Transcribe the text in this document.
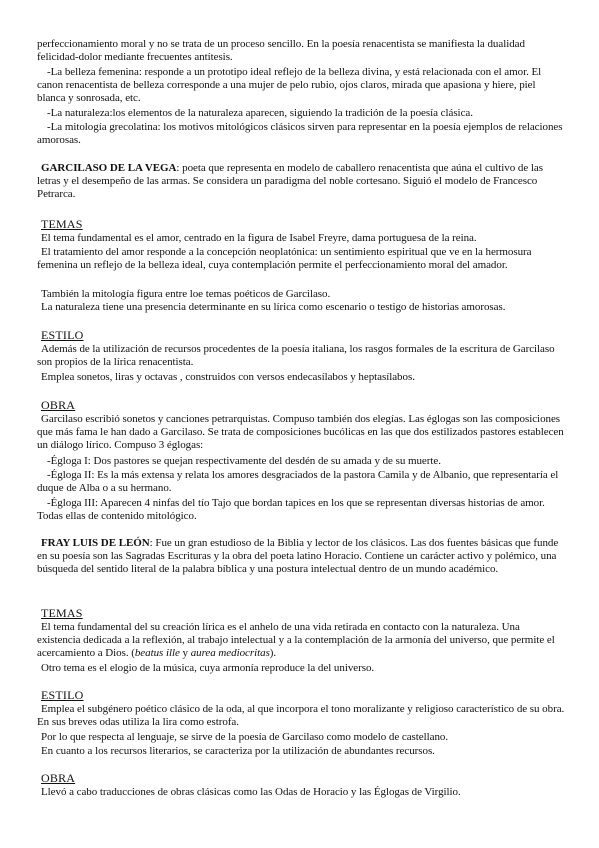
perfeccionamiento moral y no se trata de un proceso sencillo. En la poesía renacentista se manifiesta la dualidad felicidad-dolor mediante frecuentes antítesis.

-La belleza femenina: responde a un prototipo ideal reflejo de la belleza divina, y está relacionada con el amor. El canon renacentista de belleza corresponde a una mujer de pelo rubio, ojos claros, mirada que apasiona y hiere, piel blanca y sonrosada, etc.

-La naturaleza:los elementos de la naturaleza aparecen, siguiendo la tradición de la poesía clásica.

-La mitología grecolatina: los motivos mitológicos clásicos sirven para representar en la poesía ejemplos de relaciones amorosas.

GARCILASO DE LA VEGA: poeta que representa en modelo de caballero renacentista que aúna el cultivo de las letras y el desempeño de las armas. Se considera un paradigma del noble cortesano. Siguió el modelo de Francesco Petrarca.

TEMAS

El tema fundamental es el amor, centrado en la figura de Isabel Freyre, dama portuguesa de la reina.

El tratamiento del amor responde a la concepción neoplatónica: un sentimiento espiritual que ve en la hermosura femenina un reflejo de la belleza ideal, cuya contemplación permite el perfeccionamiento moral del amador.

También la mitología figura entre loe temas poéticos de Garcilaso.

La naturaleza tiene una presencia determinante en su lírica como escenario o testigo de historias amorosas.

ESTILO

Además de la utilización de recursos procedentes de la poesía italiana, los rasgos formales de la escritura de Garcilaso son propios de la lírica renacentista.

Emplea sonetos, liras y octavas , construidos con versos endecasílabos y heptasílabos.

OBRA

Garcilaso escribió sonetos y canciones petrarquistas. Compuso también dos elegías. Las églogas son las composiciones que más fama le han dado a Garcilaso. Se trata de composiciones bucólicas en las que dos estilizados pastores establecen un diálogo lírico. Compuso 3 églogas:

-Égloga I: Dos pastores se quejan respectivamente del desdén de su amada y de su muerte.

-Égloga II: Es la más extensa y relata los amores desgraciados de la pastora Camila y de Albanio, que representaría el duque de Alba o a su hermano.

-Égloga III: Aparecen 4 ninfas del tío Tajo que bordan tapices en los que se representan diversas historias de amor. Todas ellas de contenido mitológico.

FRAY LUIS DE LEÓN: Fue un gran estudioso de la Biblia y lector de los clásicos. Las dos fuentes básicas que funde en su poesía son las Sagradas Escrituras y la obra del poeta latino Horacio. Contiene un carácter activo y polémico, una búsqueda del sentido literal de la palabra bíblica y una postura intelectual dentro de un mundo académico.

TEMAS

El tema fundamental del su creación lírica es el anhelo de una vida retirada en contacto con la naturaleza. Una existencia dedicada a la reflexión, al trabajo intelectual y a la contemplación de la armonía del universo, que permite el acercamiento a Dios. (beatus ille y aurea mediocritas).

Otro tema es el elogio de la música, cuya armonía reproduce la del universo.

ESTILO

Emplea el subgénero poético clásico de la oda, al que incorpora el tono moralizante y religioso característico de su obra. En sus breves odas utiliza la lira como estrofa.

Por lo que respecta al lenguaje, se sirve de la poesía de Garcilaso como modelo de castellano.

En cuanto a los recursos literarios, se caracteriza por la utilización de abundantes recursos.

OBRA

Llevó a cabo traducciones de obras clásicas como las Odas de Horacio y las Églogas de Virgilio.
